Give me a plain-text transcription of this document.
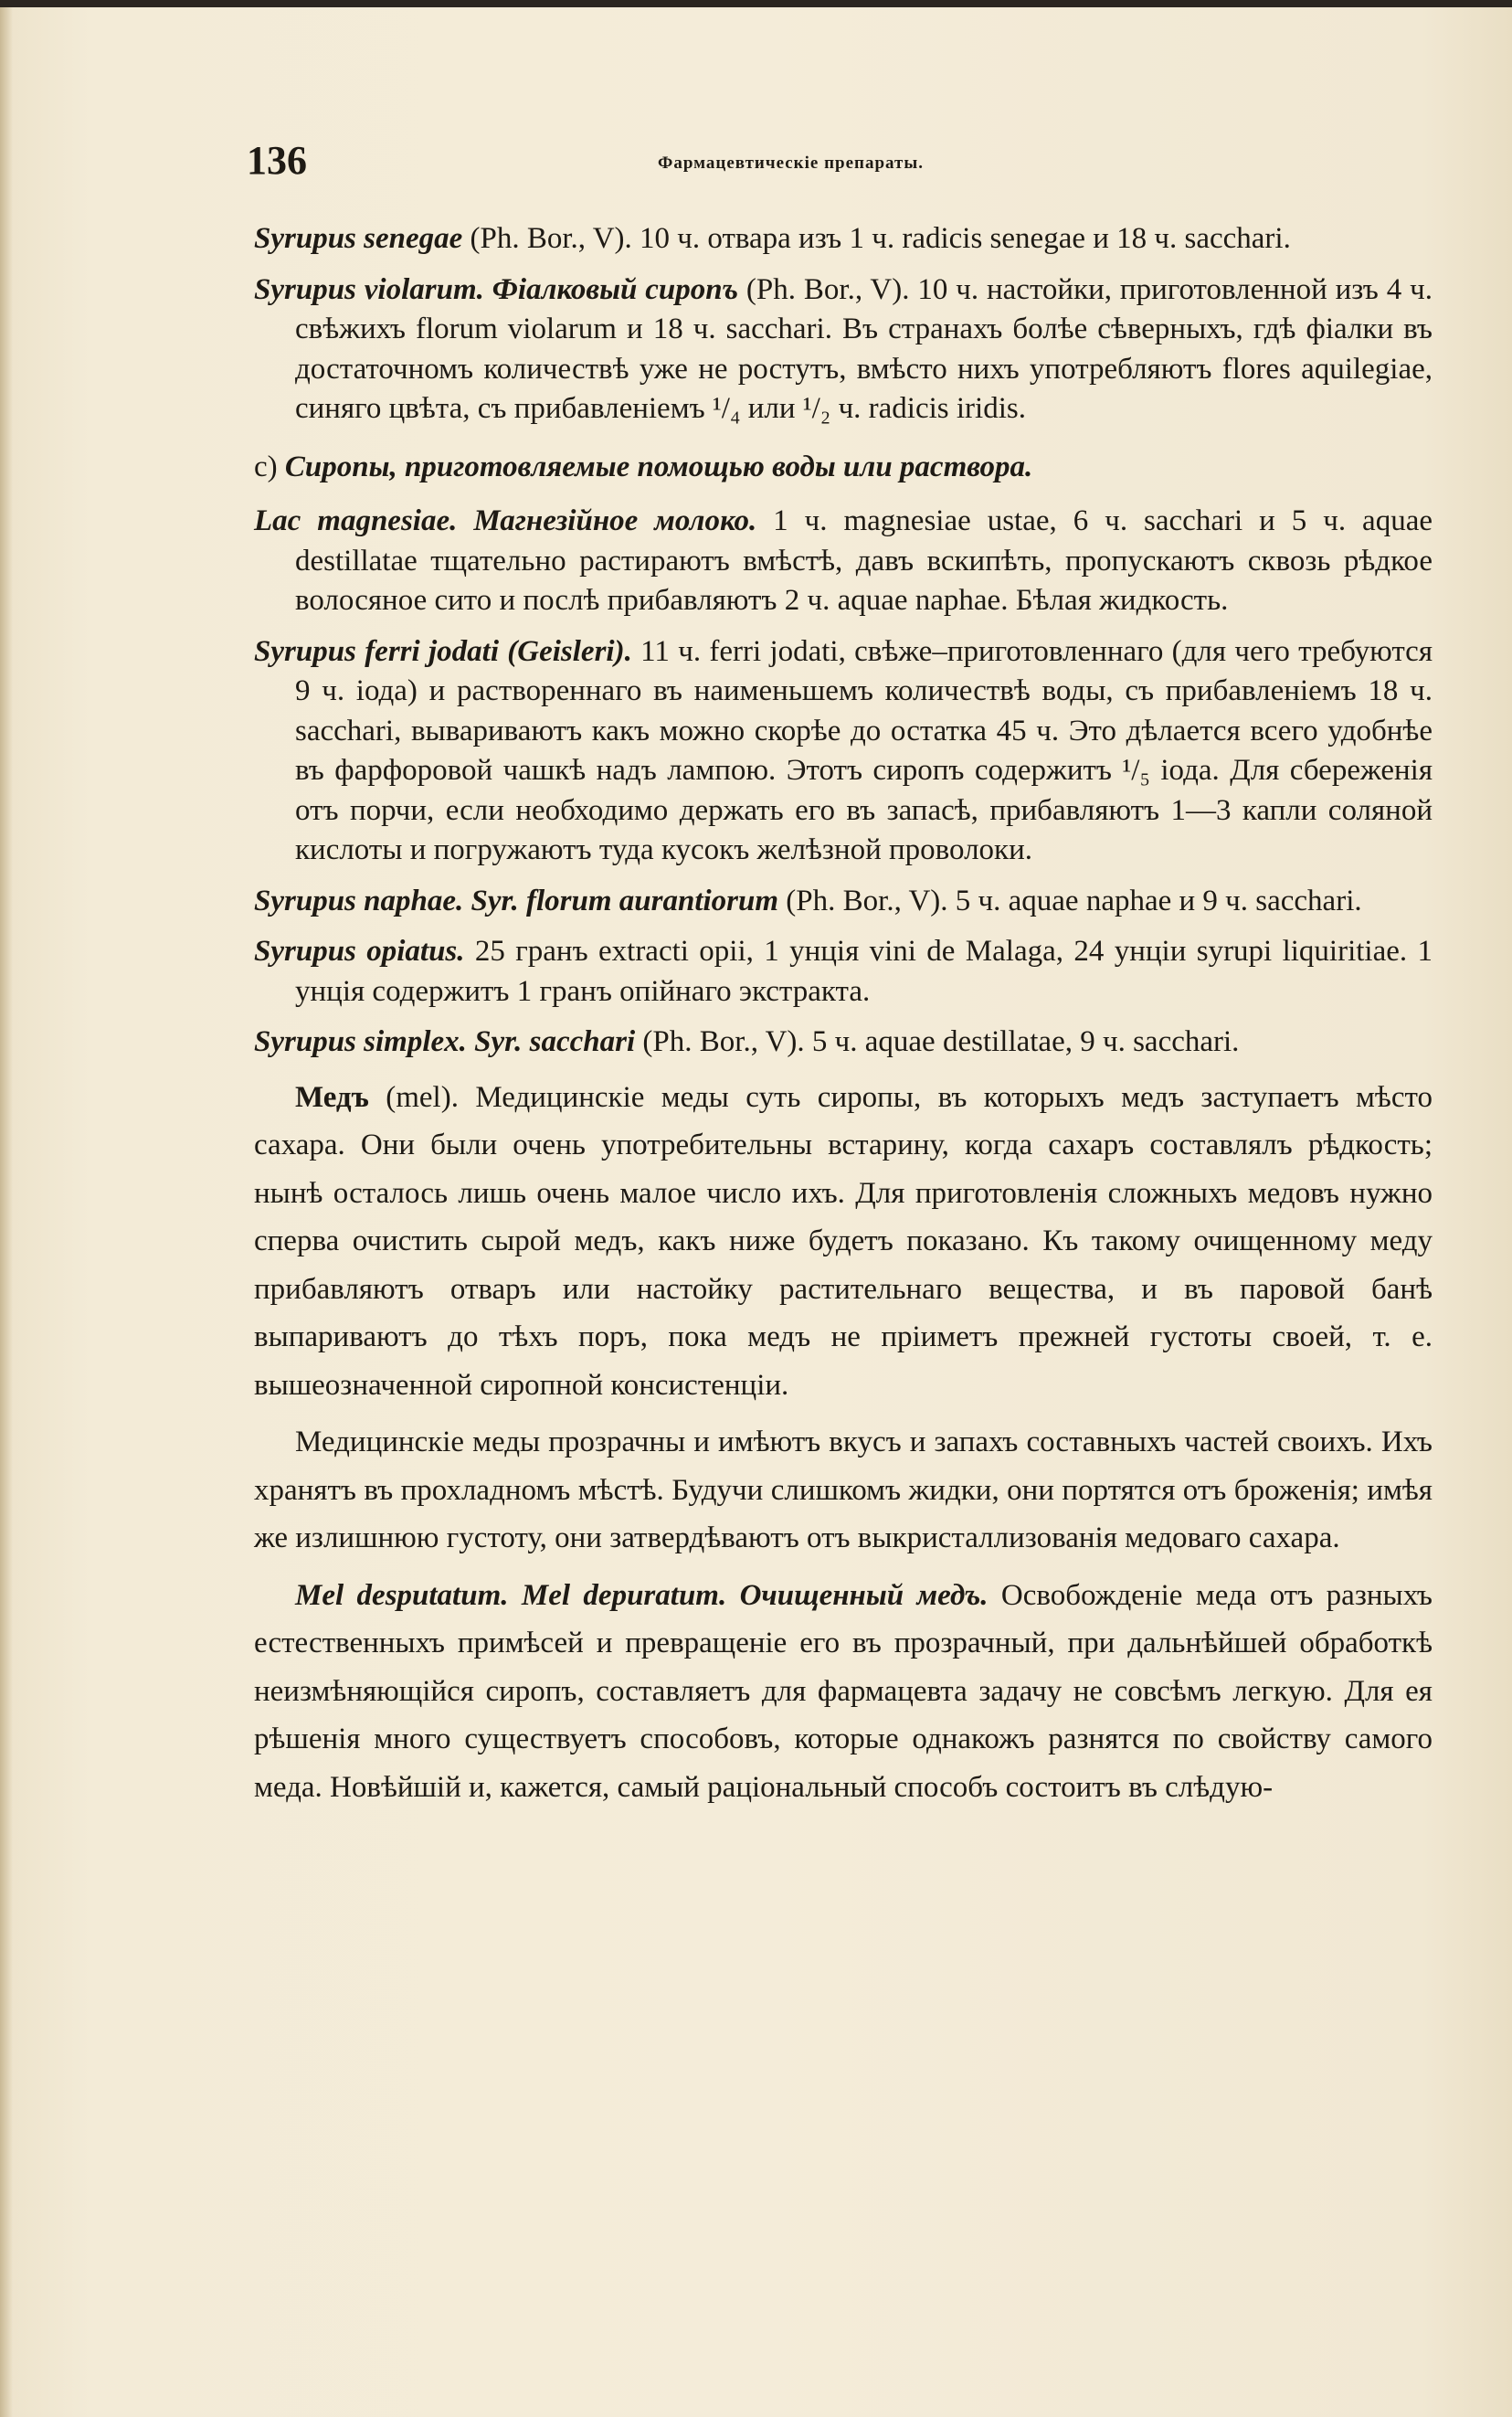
136	Фармацевтическіе препараты.

Syrupus senegae (Ph. Bor., V). 10 ч. отвара изъ 1 ч. radicis senegae и 18 ч. sacchari.

Syrupus violarum. Фіалковый сиропъ (Ph. Bor., V). 10 ч. настойки, приготовленной изъ 4 ч. свѣжихъ florum violarum и 18 ч. sacchari. Въ странахъ болѣе сѣверныхъ, гдѣ фіалки въ достаточномъ количествѣ уже не ростутъ, вмѣсто нихъ употребляютъ flores aquilegiae, синяго цвѣта, съ прибавленіемъ ¹/₄ или ¹/₂ ч. radicis iridis.

c) Сиропы, приготовляемые помощью воды или раствора.

Lac magnesiae. Магнезійное молоко. 1 ч. magnesiae ustae, 6 ч. sacchari и 5 ч. aquae destillatae тщательно растираютъ вмѣстѣ, давъ вскипѣть, пропускаютъ сквозь рѣдкое волосяное сито и послѣ прибавляютъ 2 ч. aquae naphae. Бѣлая жидкость.

Syrupus ferri jodati (Geisleri). 11 ч. ferri jodati, свѣже–приготовленнаго (для чего требуются 9 ч. іода) и раствореннаго въ наименьшемъ количествѣ воды, съ прибавленіемъ 18 ч. sacchari, вывариваютъ какъ можно скорѣе до остатка 45 ч. Это дѣлается всего удобнѣе въ фарфоровой чашкѣ надъ лампою. Этотъ сиропъ содержитъ ¹/₅ іода. Для сбереженія отъ порчи, если необходимо держать его въ запасѣ, прибавляютъ 1—3 капли соляной кислоты и погружаютъ туда кусокъ желѣзной проволоки.

Syrupus naphae. Syr. florum aurantiorum (Ph. Bor., V). 5 ч. aquae naphae и 9 ч. sacchari.

Syrupus opiatus. 25 гранъ extracti opii, 1 унція vini de Malaga, 24 унціи syrupi liquiritiae. 1 унція содержитъ 1 гранъ опійнаго экстракта.

Syrupus simplex. Syr. sacchari (Ph. Bor., V). 5 ч. aquae destillatae, 9 ч. sacchari.

Медъ (mel). Медицинскіе меды суть сиропы, въ которыхъ медъ заступаетъ мѣсто сахара. Они были очень употребительны встарину, когда сахаръ составлялъ рѣдкость; нынѣ осталось лишь очень малое число ихъ. Для приготовленія сложныхъ медовъ нужно сперва очистить сырой медъ, какъ ниже будетъ показано. Къ такому очищенному меду прибавляютъ отваръ или настойку растительнаго вещества, и въ паровой банѣ выпариваютъ до тѣхъ поръ, пока медъ не пріиметъ прежней густоты своей, т. е. вышеозначенной сиропной консистенціи.

Медицинскіе меды прозрачны и имѣютъ вкусъ и запахъ составныхъ частей своихъ. Ихъ хранятъ въ прохладномъ мѣстѣ. Будучи слишкомъ жидки, они портятся отъ броженія; имѣя же излишнюю густоту, они затвердѣваютъ отъ выкристаллизованія медоваго сахара.

Mel desputatum. Mel depuratum. Очищенный медъ. Освобожденіе меда отъ разныхъ естественныхъ примѣсей и превращеніе его въ прозрачный, при дальнѣйшей обработкѣ неизмѣняющійся сиропъ, составляетъ для фармацевта задачу не совсѣмъ легкую. Для ея рѣшенія много существуетъ способовъ, которые однакожъ разнятся по свойству самого меда. Новѣйшій и, кажется, самый раціональный способъ состоитъ въ слѣдую-
